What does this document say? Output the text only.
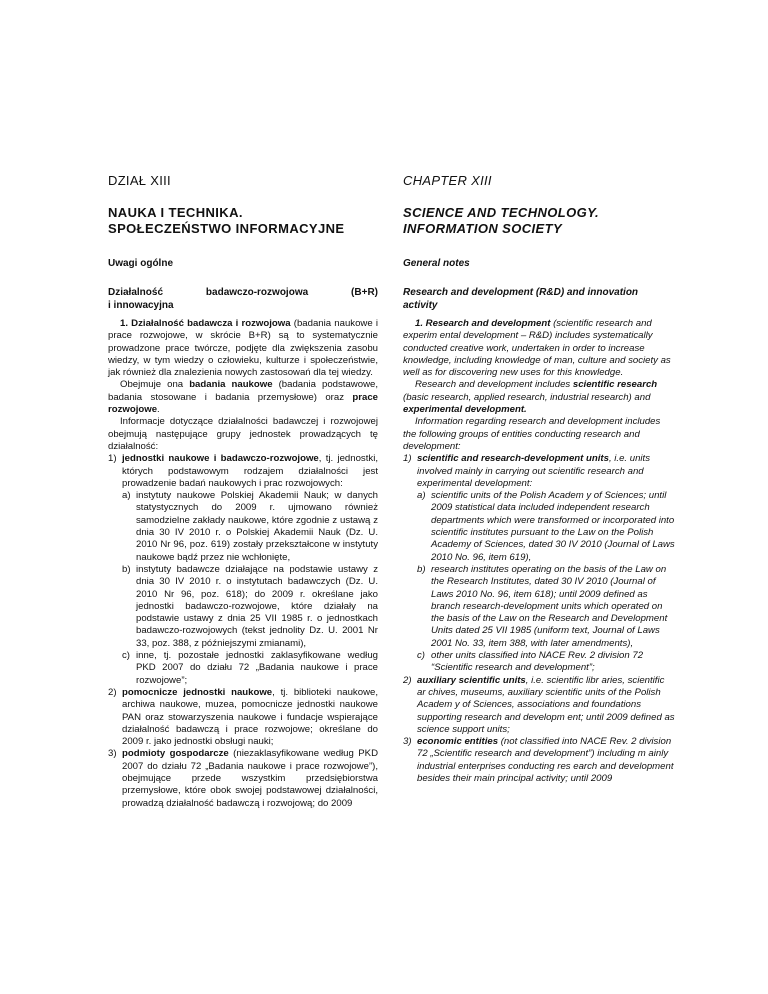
DZIAŁ XIII
NAUKA I TECHNIKA.
SPOŁECZEŃSTWO INFORMACYJNE
Uwagi ogólne
Działalność	badawczo-rozwojowa	(B+R)
i innowacyjna

1. Działalność badawcza i rozwojowa (badania naukowe i prace rozwojowe, w skrócie B+R) są to systematycznie prowadzone prace twórcze, podjęte dla zwiększenia zasobu wiedzy, w tym wiedzy o człowieku, kulturze i społeczeństwie, jak również dla znalezienia nowych zastosowań dla tej wiedzy.

Obejmuje ona badania naukowe (badania podstawowe, badania stosowane i badania przemysłowe) oraz prace rozwojowe.

Informacje dotyczące działalności badawczej i rozwojowej obejmują następujące grupy jednostek prowadzących tę działalność:

1) jednostki naukowe i badawczo-rozwojowe, tj. jednostki, których podstawowym rodzajem działalności jest prowadzenie badań naukowych i prac rozwojowych:
a) instytuty naukowe Polskiej Akademii Nauk; w danych statystycznych do 2009 r. ujmowano również samodzielne zakłady naukowe, które zgodnie z ustawą z dnia 30 IV 2010 r. o Polskiej Akademii Nauk (Dz. U. 2010 Nr 96, poz. 619) zostały przekształcone w instytuty naukowe bądź przez nie wchłonięte,
b) instytuty badawcze działające na podstawie ustawy z dnia 30 IV 2010 r. o instytutach badawczych (Dz. U. 2010 Nr 96, poz. 618); do 2009 r. określane jako jednostki badawczo-rozwojowe, które działały na podstawie ustawy z dnia 25 VII 1985 r. o jednostkach badawczo-rozwojowych (tekst jednolity Dz. U. 2001 Nr 33, poz. 388, z późniejszymi zmianami),
c) inne, tj. pozostałe jednostki zaklasyfikowane według PKD 2007 do działu 72 „Badania naukowe i prace rozwojowe”;
2) pomocnicze jednostki naukowe, tj. biblioteki naukowe, archiwa naukowe, muzea, pomocnicze jednostki naukowe PAN oraz stowarzyszenia naukowe i fundacje wspierające działalność badawczą i prace rozwojowe; określane do 2009 r. jako jednostki obsługi nauki;
3) podmioty gospodarcze (niezaklasyfikowane według PKD 2007 do działu 72 „Badania naukowe i prace rozwojowe”), obejmujące przede wszystkim przedsiębiorstwa przemysłowe, które obok swojej podstawowej działalności, prowadzą działalność badawczą i rozwojową; do 2009
CHAPTER XIII
SCIENCE AND TECHNOLOGY.
INFORMATION SOCIETY
General notes
Research and development (R&D) and innovation activity

1. Research and development (scientific research and experim ental development – R&D) includes systematically conducted creative work, undertaken in order to increase knowledge, including knowledge of man, culture and society as well as for discovering new uses for this knowledge.

Research and development includes scientific research (basic research, applied research, industrial research) and experimental development.

Information regarding research and development includes the following groups of entities conducting research and development:

1) scientific and research-development units, i.e. units involved mainly in carrying out scientific research and experimental development:
a) scientific units of the Polish Academ y of Sciences; until 2009 statistical data included independent research departments which were transformed or incorporated into scientific institutes pursuant to the Law on the Polish Academy of Sciences, dated 30 IV 2010 (Journal of Laws 2010 No. 96, item 619),
b) research institutes operating on the basis of the Law on the Research Institutes, dated 30 IV 2010 (Journal of Laws 2010 No. 96, item 618); until 2009 defined as branch research-development units which operated on the basis of the Law on the Research and Development Units dated 25 VII 1985 (uniform text, Journal of Laws 2001 No. 33, item 388, with later amendments),
c) other units classified into NACE Rev. 2 division 72 “Scientific research and development”;
2) auxiliary scientific units, i.e. scientific libr aries, scientific ar chives, museums, auxiliary scientific units of the Polish Academ y of Sciences, associations and foundations supporting research and developm ent; until 2009 defined as science support units;
3) economic entities (not classified into NACE Rev. 2 division 72 „Scientific research and development”) including m ainly industrial enterprises conducting res earch and development besides their main principal activity; until 2009
